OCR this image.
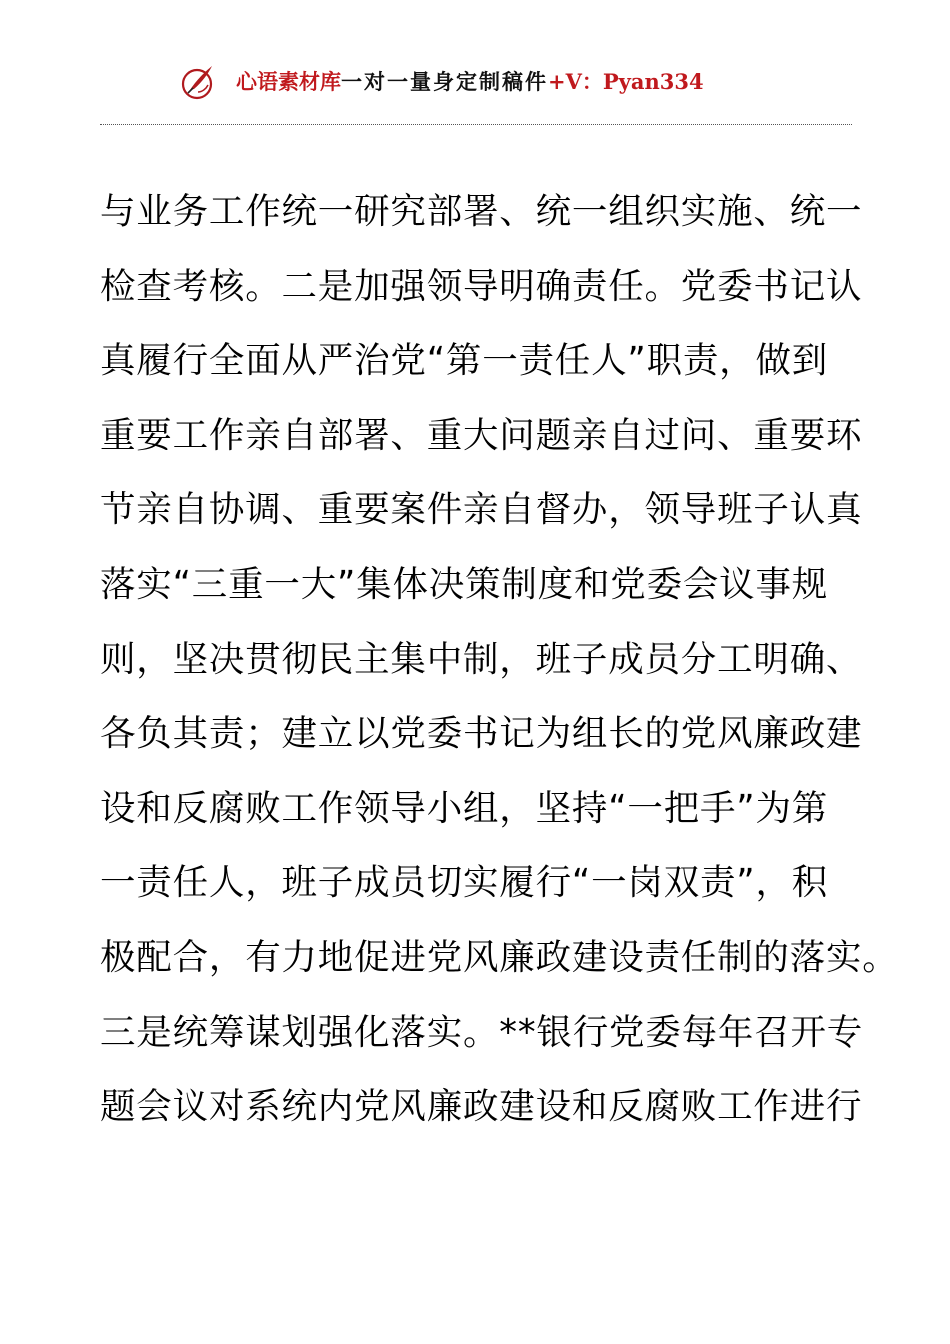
心语素材库一对一量身定制稿件+V：Pyan334
与业务工作统一研究部署、统一组织实施、统一
检查考核。二是加强领导明确责任。党委书记认
真履行全面从严治党“第一责任人”职责，做到
重要工作亲自部署、重大问题亲自过问、重要环
节亲自协调、重要案件亲自督办，领导班子认真
落实“三重一大”集体决策制度和党委会议事规
则，坚决贯彻民主集中制，班子成员分工明确、
各负其责；建立以党委书记为组长的党风廉政建
设和反腐败工作领导小组，坚持“一把手”为第
一责任人，班子成员切实履行“一岗双责”，积
极配合，有力地促进党风廉政建设责任制的落实。
三是统筹谋划强化落实。**银行党委每年召开专
题会议对系统内党风廉政建设和反腐败工作进行
